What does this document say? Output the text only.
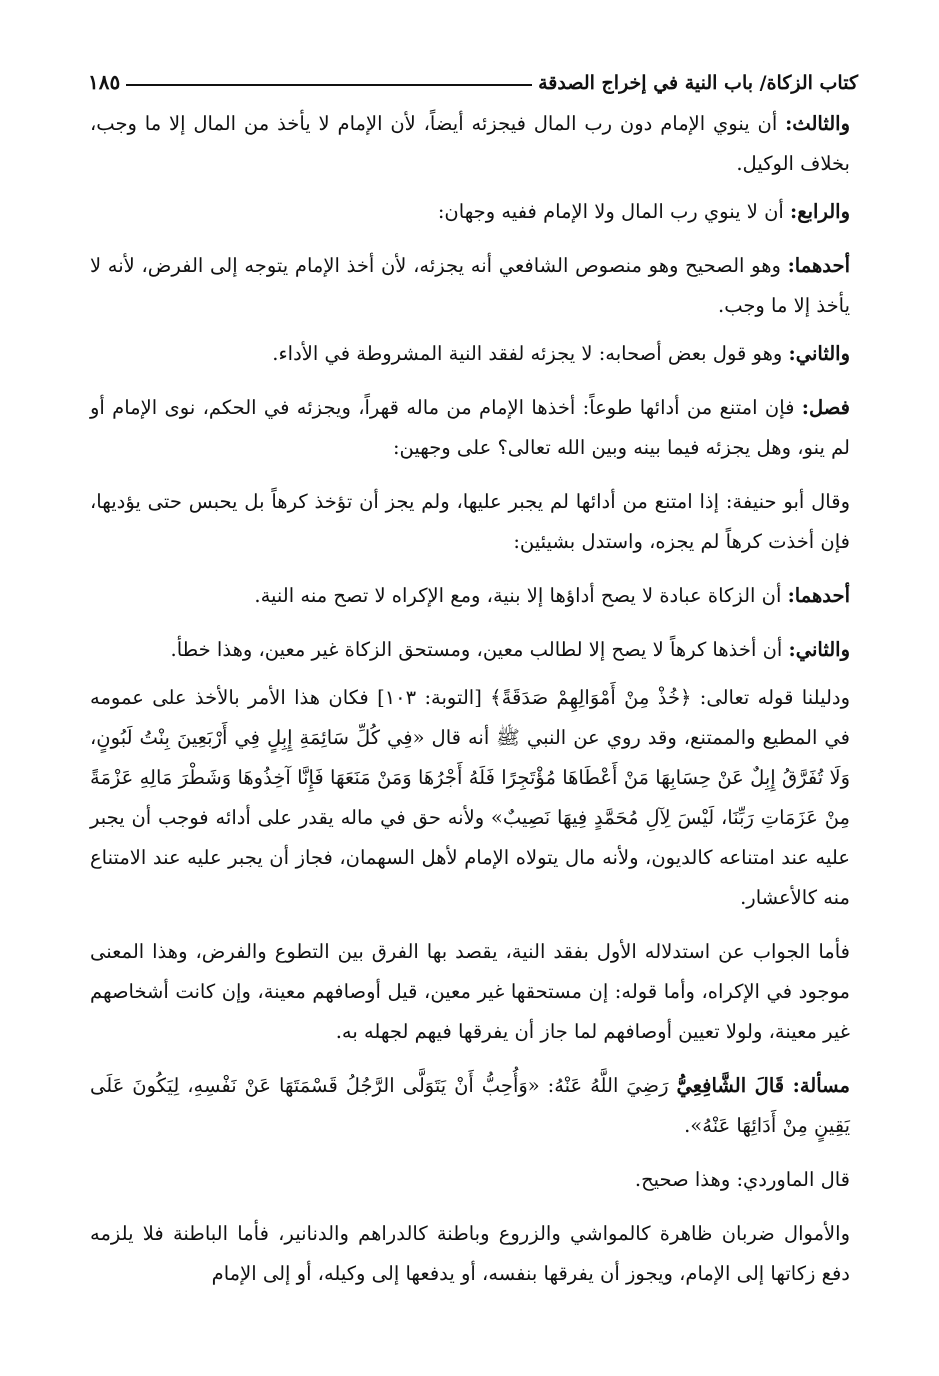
كتاب الزكاة/ باب النية في إخراج الصدقة
١٨٥

والثالث: أن ينوي الإمام دون رب المال فيجزئه أيضاً، لأن الإمام لا يأخذ من المال إلا ما وجب، بخلاف الوكيل.

والرابع: أن لا ينوي رب المال ولا الإمام ففيه وجهان:

أحدهما: وهو الصحيح وهو منصوص الشافعي أنه يجزئه، لأن أخذ الإمام يتوجه إلى الفرض، لأنه لا يأخذ إلا ما وجب.

والثاني: وهو قول بعض أصحابه: لا يجزئه لفقد النية المشروطة في الأداء.

فصل: فإن امتنع من أدائها طوعاً: أخذها الإمام من ماله قهراً، ويجزئه في الحكم، نوى الإمام أو لم ينو، وهل يجزئه فيما بينه وبين الله تعالى؟ على وجهين:

وقال أبو حنيفة: إذا امتنع من أدائها لم يجبر عليها، ولم يجز أن تؤخذ كرهاً بل يحبس حتى يؤديها، فإن أخذت كرهاً لم يجزه، واستدل بشيئين:

أحدهما: أن الزكاة عبادة لا يصح أداؤها إلا بنية، ومع الإكراه لا تصح منه النية.

والثاني: أن أخذها كرهاً لا يصح إلا لطالب معين، ومستحق الزكاة غير معين، وهذا خطأ.

ودليلنا قوله تعالى: ﴿خُذْ مِنْ أَمْوَالِهِمْ صَدَقَةً﴾ [التوبة: ١٠٣] فكان هذا الأمر بالأخذ على عمومه في المطيع والممتنع، وقد روي عن النبي ﷺ أنه قال «فِي كُلِّ سَائِمَةِ إِبِلٍ فِي أَرْبَعِينَ بِنْتُ لَبُونٍ، وَلَا تُفَرَّقُ إِبِلٌ عَنْ حِسَابِهَا مَنْ أَعْطَاهَا مُؤْتَجِرًا فَلَهُ أَجْرُهَا وَمَنْ مَنَعَهَا فَإِنَّا آخِذُوهَا وَشَطْرَ مَالِهِ عَزْمَةً مِنْ عَزَمَاتِ رَبِّنَا، لَيْسَ لِآلِ مُحَمَّدٍ فِيهَا نَصِيبٌ» ولأنه حق في ماله يقدر على أدائه فوجب أن يجبر عليه عند امتناعه كالديون، ولأنه مال يتولاه الإمام لأهل السهمان، فجاز أن يجبر عليه عند الامتناع منه كالأعشار.

فأما الجواب عن استدلاله الأول بفقد النية، يقصد بها الفرق بين التطوع والفرض، وهذا المعنى موجود في الإكراه، وأما قوله: إن مستحقها غير معين، قيل أوصافهم معينة، وإن كانت أشخاصهم غير معينة، ولولا تعيين أوصافهم لما جاز أن يفرقها فيهم لجهله به.

مسألة: قَالَ الشَّافِعِيُّ رَضِيَ اللَّهُ عَنْهُ: «وَأُحِبُّ أَنْ يَتَوَلَّى الرَّجُلُ قَسْمَتَهَا عَنْ نَفْسِهِ، لِيَكُونَ عَلَى يَقِينٍ مِنْ أَدَائِهَا عَنْهُ».

قال الماوردي: وهذا صحيح.

والأموال ضربان ظاهرة كالمواشي والزروع وباطنة كالدراهم والدنانير، فأما الباطنة فلا يلزمه دفع زكاتها إلى الإمام، ويجوز أن يفرقها بنفسه، أو يدفعها إلى وكيله، أو إلى الإمام
